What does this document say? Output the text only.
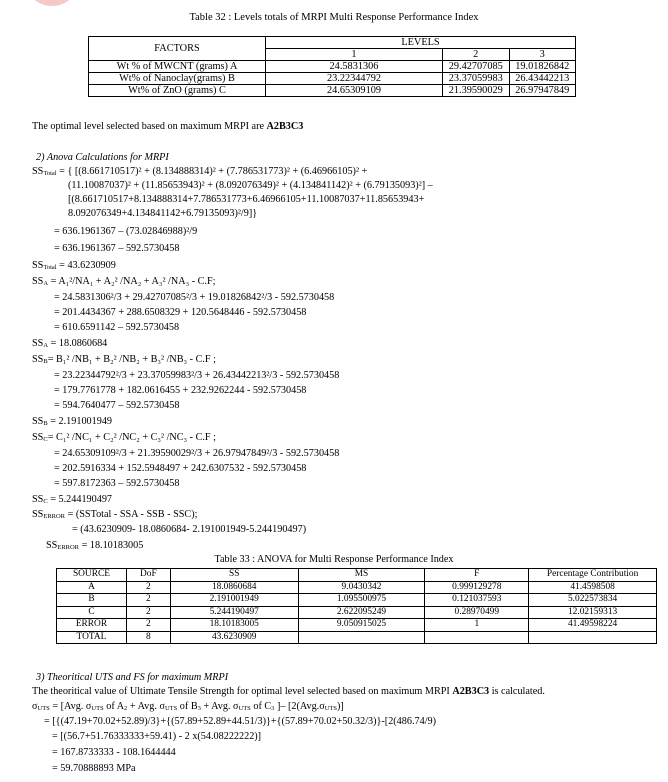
Table 32 : Levels totals of MRPI Multi Response Performance Index
FACTORS	LEVELS		
	1	2	3
Wt % of MWCNT (grams) A	24.5831306	29.42707085	19.01826842
Wt% of Nanoclay(grams) B	23.22344792	23.37059983	26.43442213
Wt% of ZnO (grams) C	24.65309109	21.39590029	26.97947849
The optimal level selected based on maximum MRPI are A2B3C3
2) Anova Calculations for MRPI
$SS_{Total}$ = { [(8.661710517)² + (8.134888314)² + (7.786531773)² + (6.46966105)² +
(11.10087037)² + (11.85653943)² + (8.092076349)² + (4.134841142)² + (6.79135093)²] –
[(8.661710517+8.134888314+7.786531773+6.46966105+11.10087037+11.85653943+
8.092076349+4.134841142+6.79135093)²/9]}
= 636.1961367 – (73.02846988)²/9
= 636.1961367 – 592.5730458
$SS_{Total} = 43.6230909$
$SS_A = A_1^2/NA_1 + A_2^2$ /NA₂ + A₃² /NA₃ - C.F;
= 24.5831306²/3 + 29.42707085²/3 + 19.01826842²/3 - 592.5730458
= 201.4434367 + 288.6508329 + 120.5648446 - 592.5730458
= 610.6591142 – 592.5730458
$SS_A = 18.0860684$
$SS_B= B_1^2$ /NB₁ + B₂² /NB₂ + B₃² /NB₃ - C.F ;
= 23.22344792²/3 + 23.37059983²/3 + 26.43442213²/3 - 592.5730458
= 179.7761778 + 182.0616455 + 232.9262244 - 592.5730458
= 594.7640477 – 592.5730458
$SS_B = 2.191001949$
$SS_C= C_1^2$ /NC₁ + C₂² /NC₂ + C₃² /NC₃ - C.F ;
= 24.65309109²/3 + 21.39590029²/3 + 26.97947849²/3 - 592.5730458
= 202.5916334 + 152.5948497 + 242.6307532 - 592.5730458
= 597.8172363 – 592.5730458
$SS_C = 5.244190497$
$SS_{ERROR}$ = (SSTotal - SSA - SSB - SSC);
= (43.6230909- 18.0860684- 2.191001949-5.244190497)
$SS_{ERROR} = 18.10183005$
Table 33 : ANOVA for Multi Response Performance Index
SOURCE	DoF	SS	MS	F	Percentage Contribution
A	2	18.0860684	9.0430342	0.999129278	41.4598508
B	2	2.191001949	1.095500975	0.121037593	5.022573834
C	2	5.244190497	2.622095249	0.28970499	12.02159313
ERROR	2	18.10183005	9.050915025	1	41.49598224
TOTAL	8	43.6230909			
3) Theoritical UTS and FS for maximum MRPI
The theoritical value of Ultimate Tensile Strength for optimal level selected based on maximum MRPI A2B3C3 is calculated.
$\sigma_{UTS} = [Avg$. $\sigma_{UTS}$ of $A_2$ + Avg. $\sigma_{UTS}$ of $B_3$ + Avg. $\sigma_{UTS}$ of $C_3$ ]– $[2(Avg.\sigma_{UTS})]$
= [{(47.19+70.02+52.89)/3}+{(57.89+52.89+44.51/3)}+{(57.89+70.02+50.32/3)}-[2(486.74/9)
= [(56.7+51.76333333+59.41) - 2 x(54.08222222)]
= 167.8733333 - 108.1644444
= 59.70888893 MPa
